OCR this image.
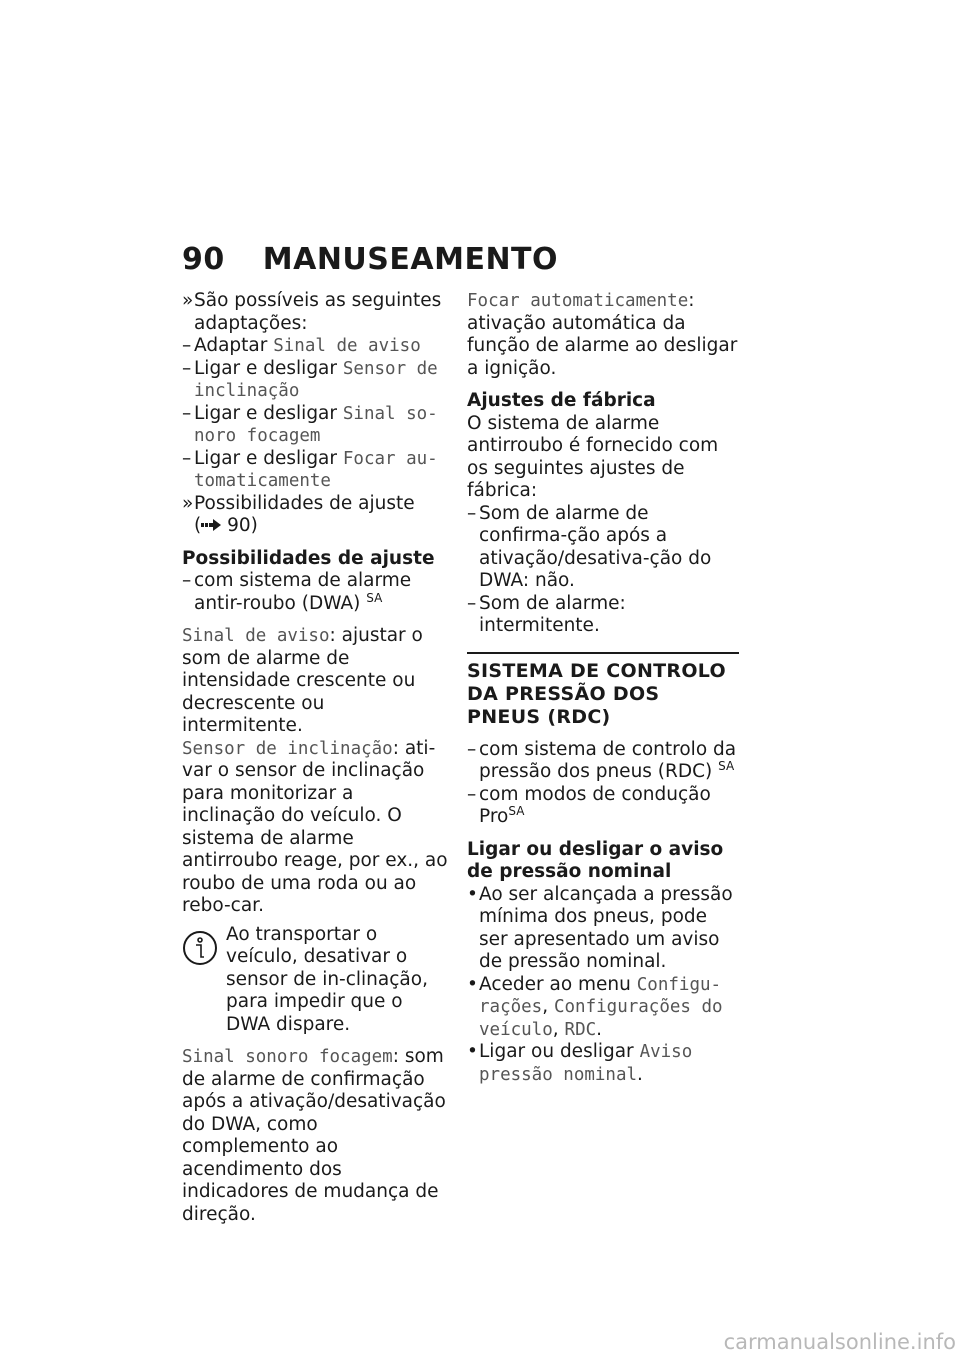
90 MANUSEAMENTO
» São possíveis as seguintes adaptações:
– Adaptar Sinal de aviso
– Ligar e desligar Sensor de inclinação
– Ligar e desligar Sinal so-noro focagem
– Ligar e desligar Focar au-tomaticamente
» Possibilidades de ajuste
( 90)
Possibilidades de ajuste
– com sistema de alarme antir-roubo (DWA) $^{SA}$
Sinal de aviso: ajustar o som de alarme de intensidade crescente ou decrescente ou intermitente.
Sensor de inclinação: ati-var o sensor de inclinação para monitorizar a inclinação do veículo. O sistema de alarme antirroubo reage, por ex., ao roubo de uma roda ou ao rebo-car.
Ao transportar o veículo, desativar o sensor de in-clinação, para impedir que o DWA dispare.
Sinal sonoro focagem: som de alarme de confirmação após a ativação/desativação do DWA, como complemento ao acendimento dos indicadores de mudança de direção.
Focar automaticamente: ativação automática da função de alarme ao desligar a ignição.
Ajustes de fábrica
O sistema de alarme antirroubo é fornecido com os seguintes ajustes de fábrica:
– Som de alarme de confirma-ção após a ativação/desativa-ção do DWA: não.
– Som de alarme: intermitente.
SISTEMA DE CONTROLO DA PRESSÃO DOS PNEUS (RDC)
– com sistema de controlo da pressão dos pneus (RDC) $^{SA}$
– com modos de condução Pro$^{SA}$
Ligar ou desligar o aviso de pressão nominal
• Ao ser alcançada a pressão mínima dos pneus, pode ser apresentado um aviso de pressão nominal.
• Aceder ao menu Configu-rações, Configurações do veículo, RDC.
• Ligar ou desligar Aviso pressão nominal.
carmanualsonline.info
